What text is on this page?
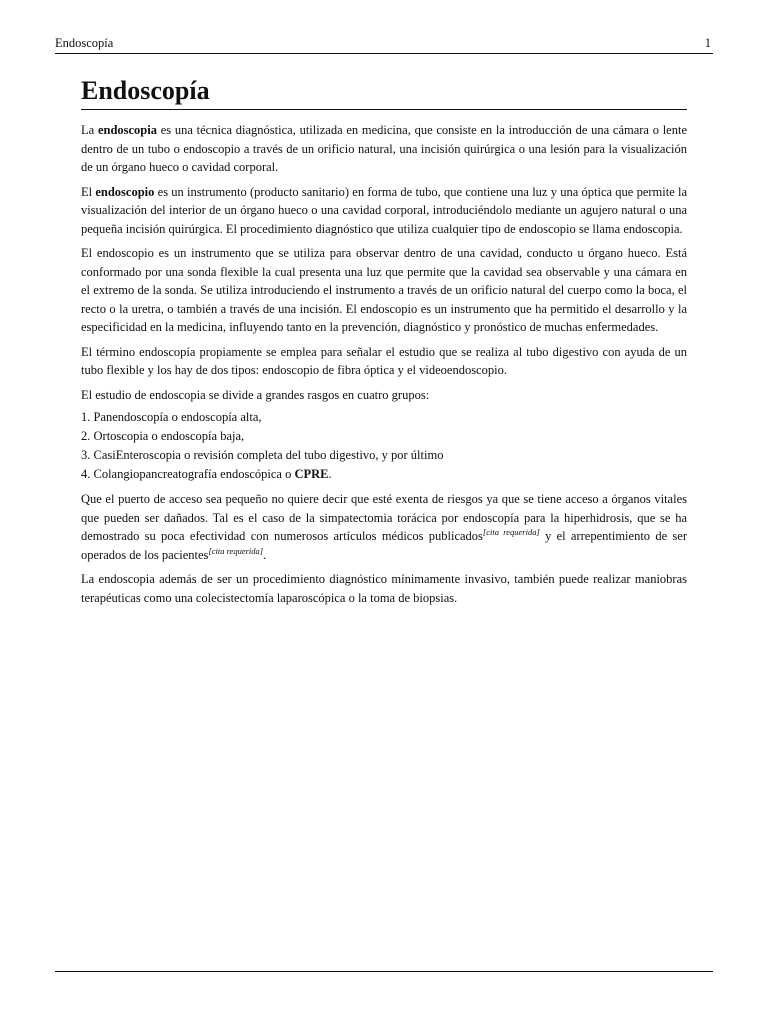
Endoscopía	1
Endoscopía

La endoscopia es una técnica diagnóstica, utilizada en medicina, que consiste en la introducción de una cámara o lente dentro de un tubo o endoscopio a través de un orificio natural, una incisión quirúrgica o una lesión para la visualización de un órgano hueco o cavidad corporal.

El endoscopio es un instrumento (producto sanitario) en forma de tubo, que contiene una luz y una óptica que permite la visualización del interior de un órgano hueco o una cavidad corporal, introduciéndolo mediante un agujero natural o una pequeña incisión quirúrgica. El procedimiento diagnóstico que utiliza cualquier tipo de endoscopio se llama endoscopia.

El endoscopio es un instrumento que se utiliza para observar dentro de una cavidad, conducto u órgano hueco. Está conformado por una sonda flexible la cual presenta una luz que permite que la cavidad sea observable y una cámara en el extremo de la sonda. Se utiliza introduciendo el instrumento a través de un orificio natural del cuerpo como la boca, el recto o la uretra, o también a través de una incisión. El endoscopio es un instrumento que ha permitido el desarrollo y la especificidad en la medicina, influyendo tanto en la prevención, diagnóstico y pronóstico de muchas enfermedades.

El término endoscopía propiamente se emplea para señalar el estudio que se realiza al tubo digestivo con ayuda de un tubo flexible y los hay de dos tipos: endoscopio de fibra óptica y el videoendoscopio.

El estudio de endoscopia se divide a grandes rasgos en cuatro grupos:

1. Panendoscopía o endoscopía alta,
2. Ortoscopia o endoscopía baja,
3. CasiEnteroscopia o revisión completa del tubo digestivo, y por último
4. Colangiopancreatografía endoscópica o CPRE.

Que el puerto de acceso sea pequeño no quiere decir que esté exenta de riesgos ya que se tiene acceso a órganos vitales que pueden ser dañados. Tal es el caso de la simpatectomia torácica por endoscopía para la hiperhidrosis, que se ha demostrado su poca efectividad con numerosos artículos médicos publicados[cita requerida] y el arrepentimiento de ser operados de los pacientes[cita requerida].

La endoscopia además de ser un procedimiento diagnóstico mínimamente invasivo, también puede realizar maniobras terapéuticas como una colecistectomía laparoscópica o la toma de biopsias.
